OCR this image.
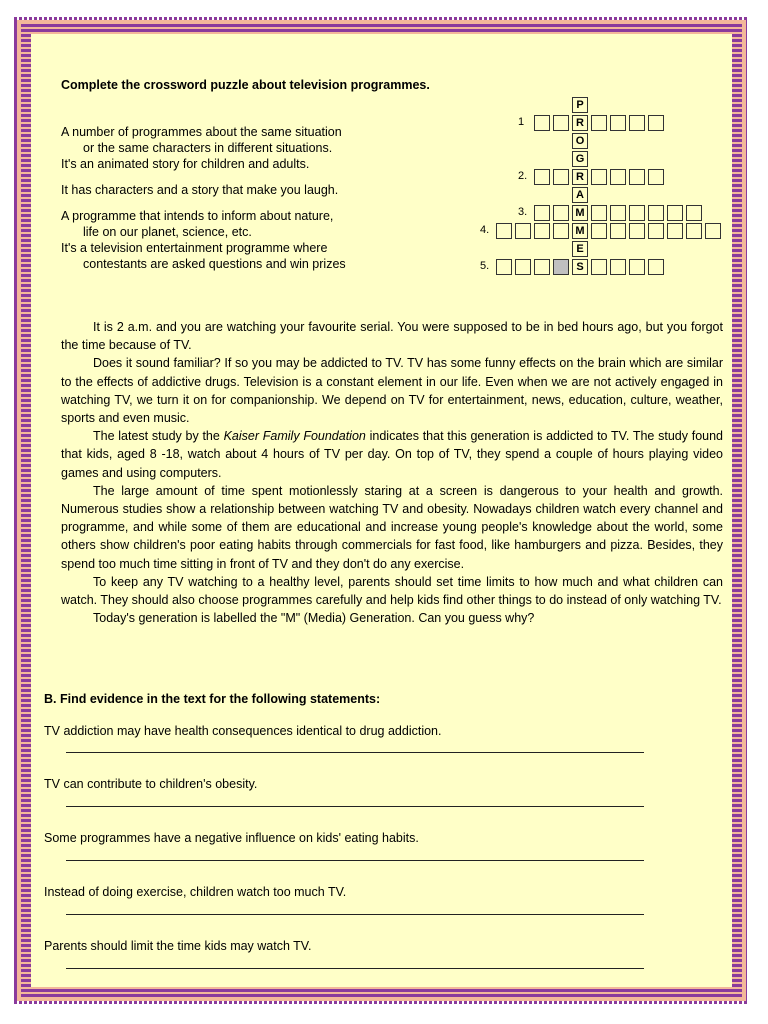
Complete the crossword puzzle about television programmes.
A number of programmes about the same situation
or the same characters in different situations.
It's an animated story for children and adults.
It has characters and a story that make you laugh.
A programme that intends to inform about nature,
life on our planet, science, etc.
It's a television entertainment programme where
contestants are asked questions and win prizes
P
R
O
G
R
A
M
M
E
S
1
2.
3.
4.
5.

It is 2 a.m. and you are watching your favourite serial. You were supposed to be in bed hours ago, but you forgot the time because of TV.

Does it sound familiar? If so you may be addicted to TV. TV has some funny effects on the brain which are similar to the effects of addictive drugs. Television is a constant element in our life. Even when we are not actively engaged in watching TV, we turn it on for companionship. We depend on TV for entertainment, news, education, culture, weather, sports and even music.

The latest study by the Kaiser Family Foundation indicates that this generation is addicted to TV. The study found that kids, aged 8 -18, watch about 4 hours of TV per day. On top of TV, they spend a couple of hours playing video games and using computers.

The large amount of time spent motionlessly staring at a screen is dangerous to your health and growth. Numerous studies show a relationship between watching TV and obesity. Nowadays children watch every channel and programme, and while some of them are educational and increase young people's knowledge about the world, some others show children's poor eating habits through commercials for fast food, like hamburgers and pizza. Besides, they spend too much time sitting in front of TV and they don't do any exercise.

To keep any TV watching to a healthy level, parents should set time limits to how much and what children can watch. They should also choose programmes carefully and help kids find other things to do instead of only watching TV.

Today's generation is labelled the "M" (Media) Generation. Can you guess why?

B. Find evidence in the text for the following statements:
TV addiction may have health consequences identical to drug addiction.
TV can contribute to children's obesity.
Some programmes have a negative influence on kids' eating habits.
Instead of doing exercise, children watch too much TV.
Parents should limit the time kids may watch TV.
